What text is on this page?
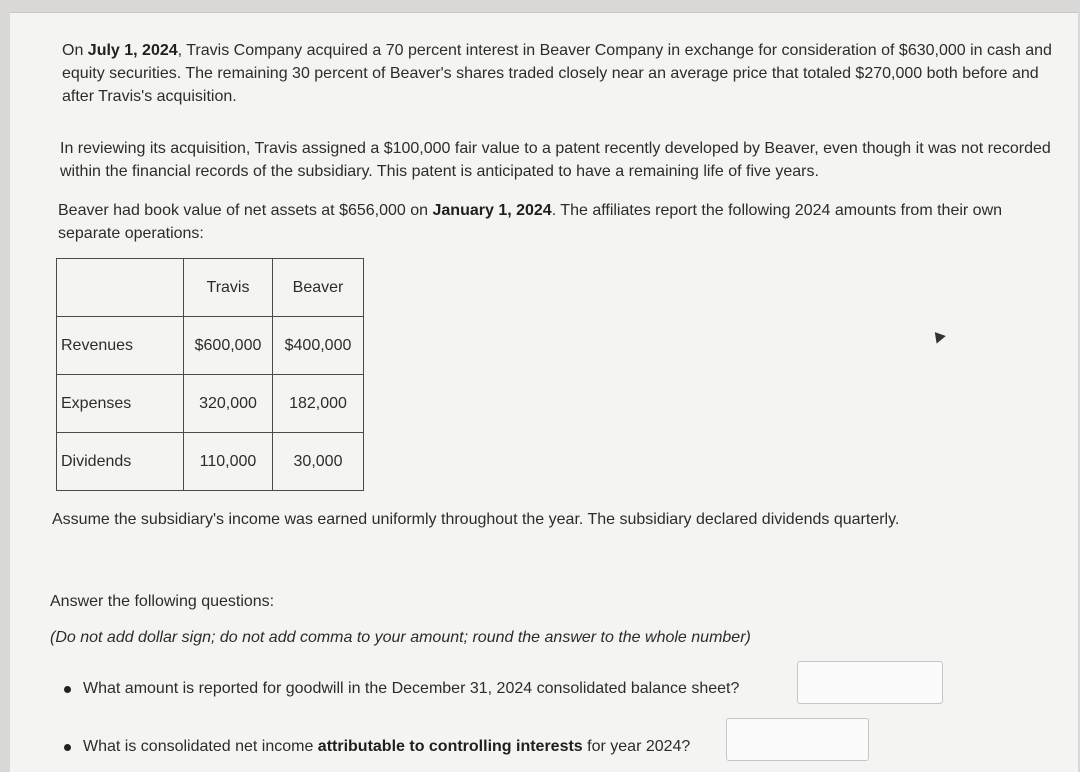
On July 1, 2024, Travis Company acquired a 70 percent interest in Beaver Company in exchange for consideration of $630,000 in cash and equity securities. The remaining 30 percent of Beaver's shares traded closely near an average price that totaled $270,000 both before and after Travis's acquisition.

In reviewing its acquisition, Travis assigned a $100,000 fair value to a patent recently developed by Beaver, even though it was not recorded within the financial records of the subsidiary. This patent is anticipated to have a remaining life of five years.

Beaver had book value of net assets at $656,000 on January 1, 2024. The affiliates report the following 2024 amounts from their own separate operations:

	Travis	Beaver
Revenues	$600,000	$400,000
Expenses	320,000	182,000
Dividends	110,000	30,000
Assume the subsidiary's income was earned uniformly throughout the year. The subsidiary declared dividends quarterly.
Answer the following questions:
(Do not add dollar sign; do not add comma to your amount; round the answer to the whole number)
What amount is reported for goodwill in the December 31, 2024 consolidated balance sheet?
What is consolidated net income attributable to controlling interests for year 2024?
